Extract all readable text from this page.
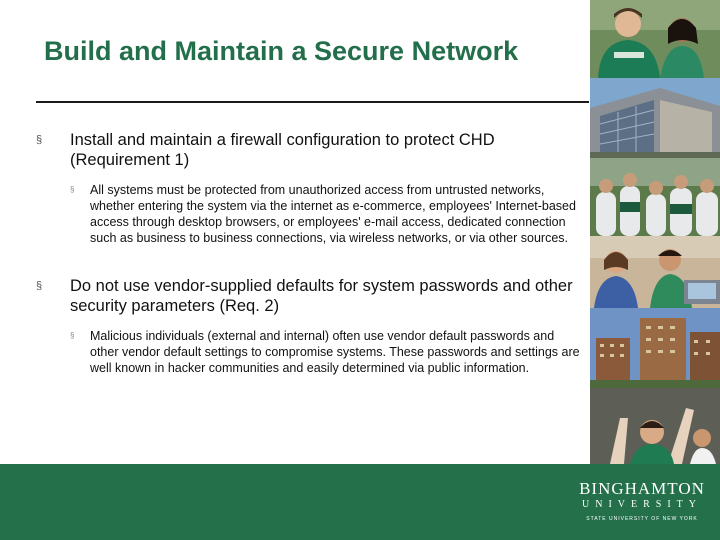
Build and Maintain a Secure Network
§	Install and maintain a firewall configuration to protect CHD (Requirement 1)
§ All systems must be protected from unauthorized access from untrusted networks, whether entering the system via the internet as e-commerce, employees' Internet-based access through desktop browsers, or employees' e-mail access, dedicated connection such as business to business connections, via wireless networks, or via other sources.
§	Do not use vendor-supplied defaults for system passwords and other security parameters (Req. 2)
§ Malicious individuals (external and internal) often use vendor default passwords and other vendor default settings to compromise systems. These passwords and settings are well known in hacker communities and easily determined via public information.
BINGHAMTON
UNIVERSITY
STATE UNIVERSITY OF NEW YORK
